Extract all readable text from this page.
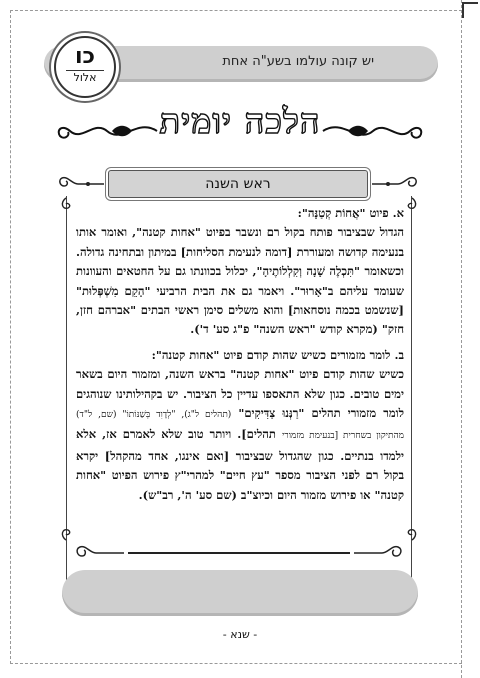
יש קונה עולמו בשע"ה אחת
כו
אלול
הלכה יומית
ראש השנה

א. פיוט "אֲחוֹת קְטַנָּה":
הגדול שבציבור פותח בקול רם ונשבר בפיוט "אחות קטנה", ואומר אותו בנעימה קדושה ומעוררת [דומה לנעימת הסליחות] במיתון ובתחינה גדולה. וכשאומר "תִּכְלֶה שָׁנָה וְקִלְלוֹתֶיהָ", יכלול בכוונתו גם על החטאים והעוונות שעומד עליהם ב"אָרוּר". ויאמר גם את הבית הרביעי "הָקֵם מִשְׁפְּלוּת" [שנשמט בכמה נוסחאות] והוא משלים סימן ראשי הבתים "אברהם חזן, חזק" (מקרא קודש "ראש השנה" פ"ג סע' ד').

ב. לומר מזמורים כשיש שהות קודם פיוט "אחות קטנה":
כשיש שהות קודם פיוט "אחות קטנה" בראש השנה, ומזמור היום בשאר ימים טובים. כגון שלא התאספו עדיין כל הציבור. יש בקהילותינו שנוהגים לומר מזמורי תהלים "רַנְּנוּ צַדִּיקִים" (תהלים ל"ג), "לְדָוִד בְּשַׁנּוֹתוֹ" (שם, ל"ד) מהתיקון בשחרית [בנעימת מזמורי תהלים]. ויותר טוב שלא לאמרם אז, אלא ילמדו בנתיים. כגון שהגדול שבציבור [ואם אינגו, אחד מהקהל] יקרא בקול רם לפני הציבור מספר "עץ חיים" למהרי"ץ פירוש הפיוט "אחות קטנה" או פירוש מזמור היום וכיוצ"ב (שם סע' ה', רב"ש).

- שנא -
